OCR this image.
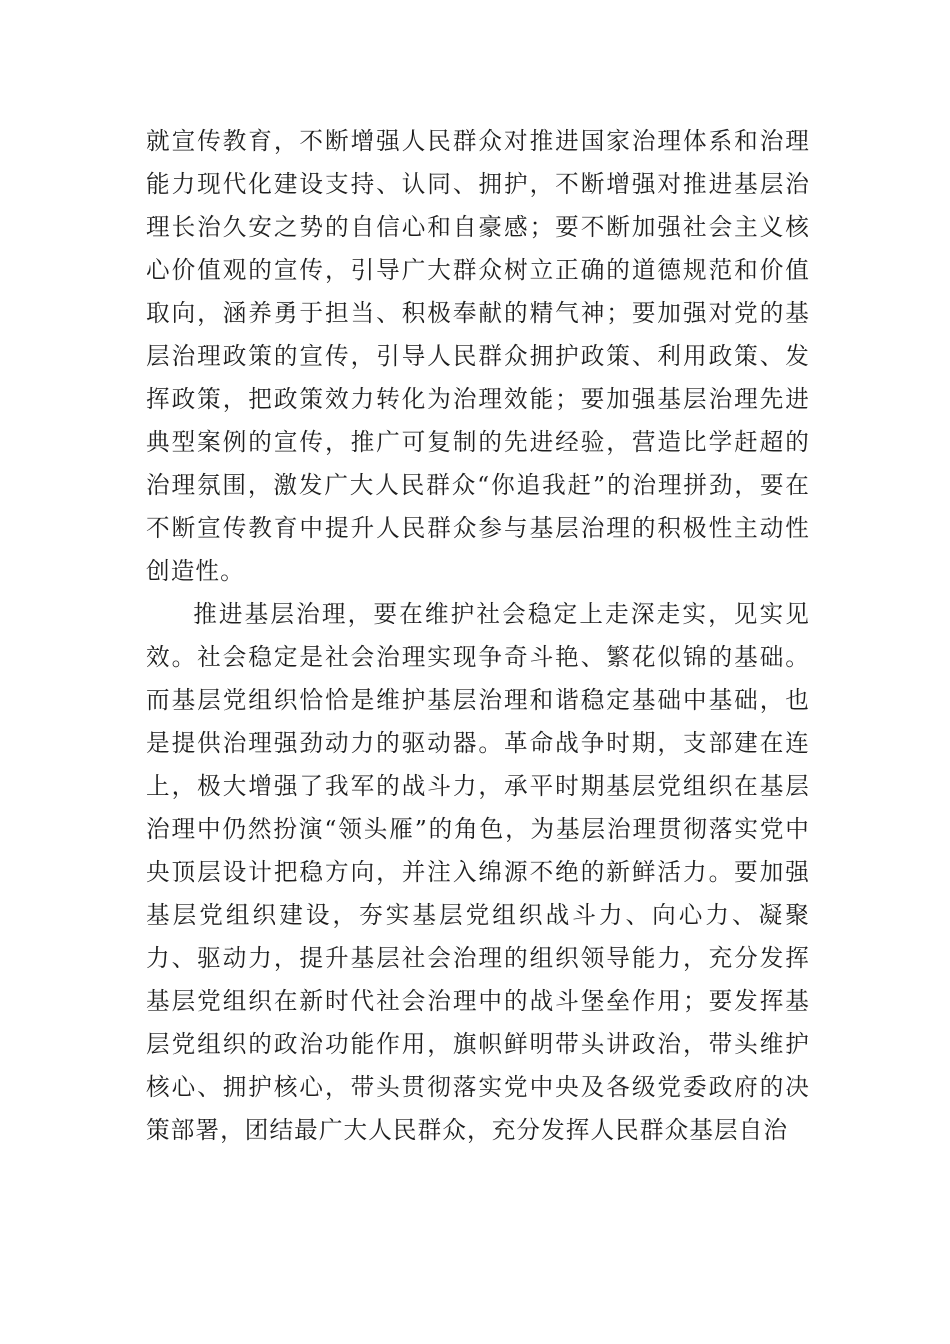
就宣传教育，不断增强人民群众对推进国家治理体系和治理能力现代化建设支持、认同、拥护，不断增强对推进基层治理长治久安之势的自信心和自豪感；要不断加强社会主义核心价值观的宣传，引导广大群众树立正确的道德规范和价值取向，涵养勇于担当、积极奉献的精气神；要加强对党的基层治理政策的宣传，引导人民群众拥护政策、利用政策、发挥政策，把政策效力转化为治理效能；要加强基层治理先进典型案例的宣传，推广可复制的先进经验，营造比学赶超的治理氛围，激发广大人民群众“你追我赶”的治理拼劲，要在不断宣传教育中提升人民群众参与基层治理的积极性主动性创造性。

推进基层治理，要在维护社会稳定上走深走实，见实见效。社会稳定是社会治理实现争奇斗艳、繁花似锦的基础。而基层党组织恰恰是维护基层治理和谐稳定基础中基础，也是提供治理强劲动力的驱动器。革命战争时期，支部建在连上，极大增强了我军的战斗力，承平时期基层党组织在基层治理中仍然扮演“领头雁”的角色，为基层治理贯彻落实党中央顶层设计把稳方向，并注入绵源不绝的新鲜活力。要加强基层党组织建设，夯实基层党组织战斗力、向心力、凝聚力、驱动力，提升基层社会治理的组织领导能力，充分发挥基层党组织在新时代社会治理中的战斗堡垒作用；要发挥基层党组织的政治功能作用，旗帜鲜明带头讲政治，带头维护核心、拥护核心，带头贯彻落实党中央及各级党委政府的决策部署，团结最广大人民群众，充分发挥人民群众基层自治
